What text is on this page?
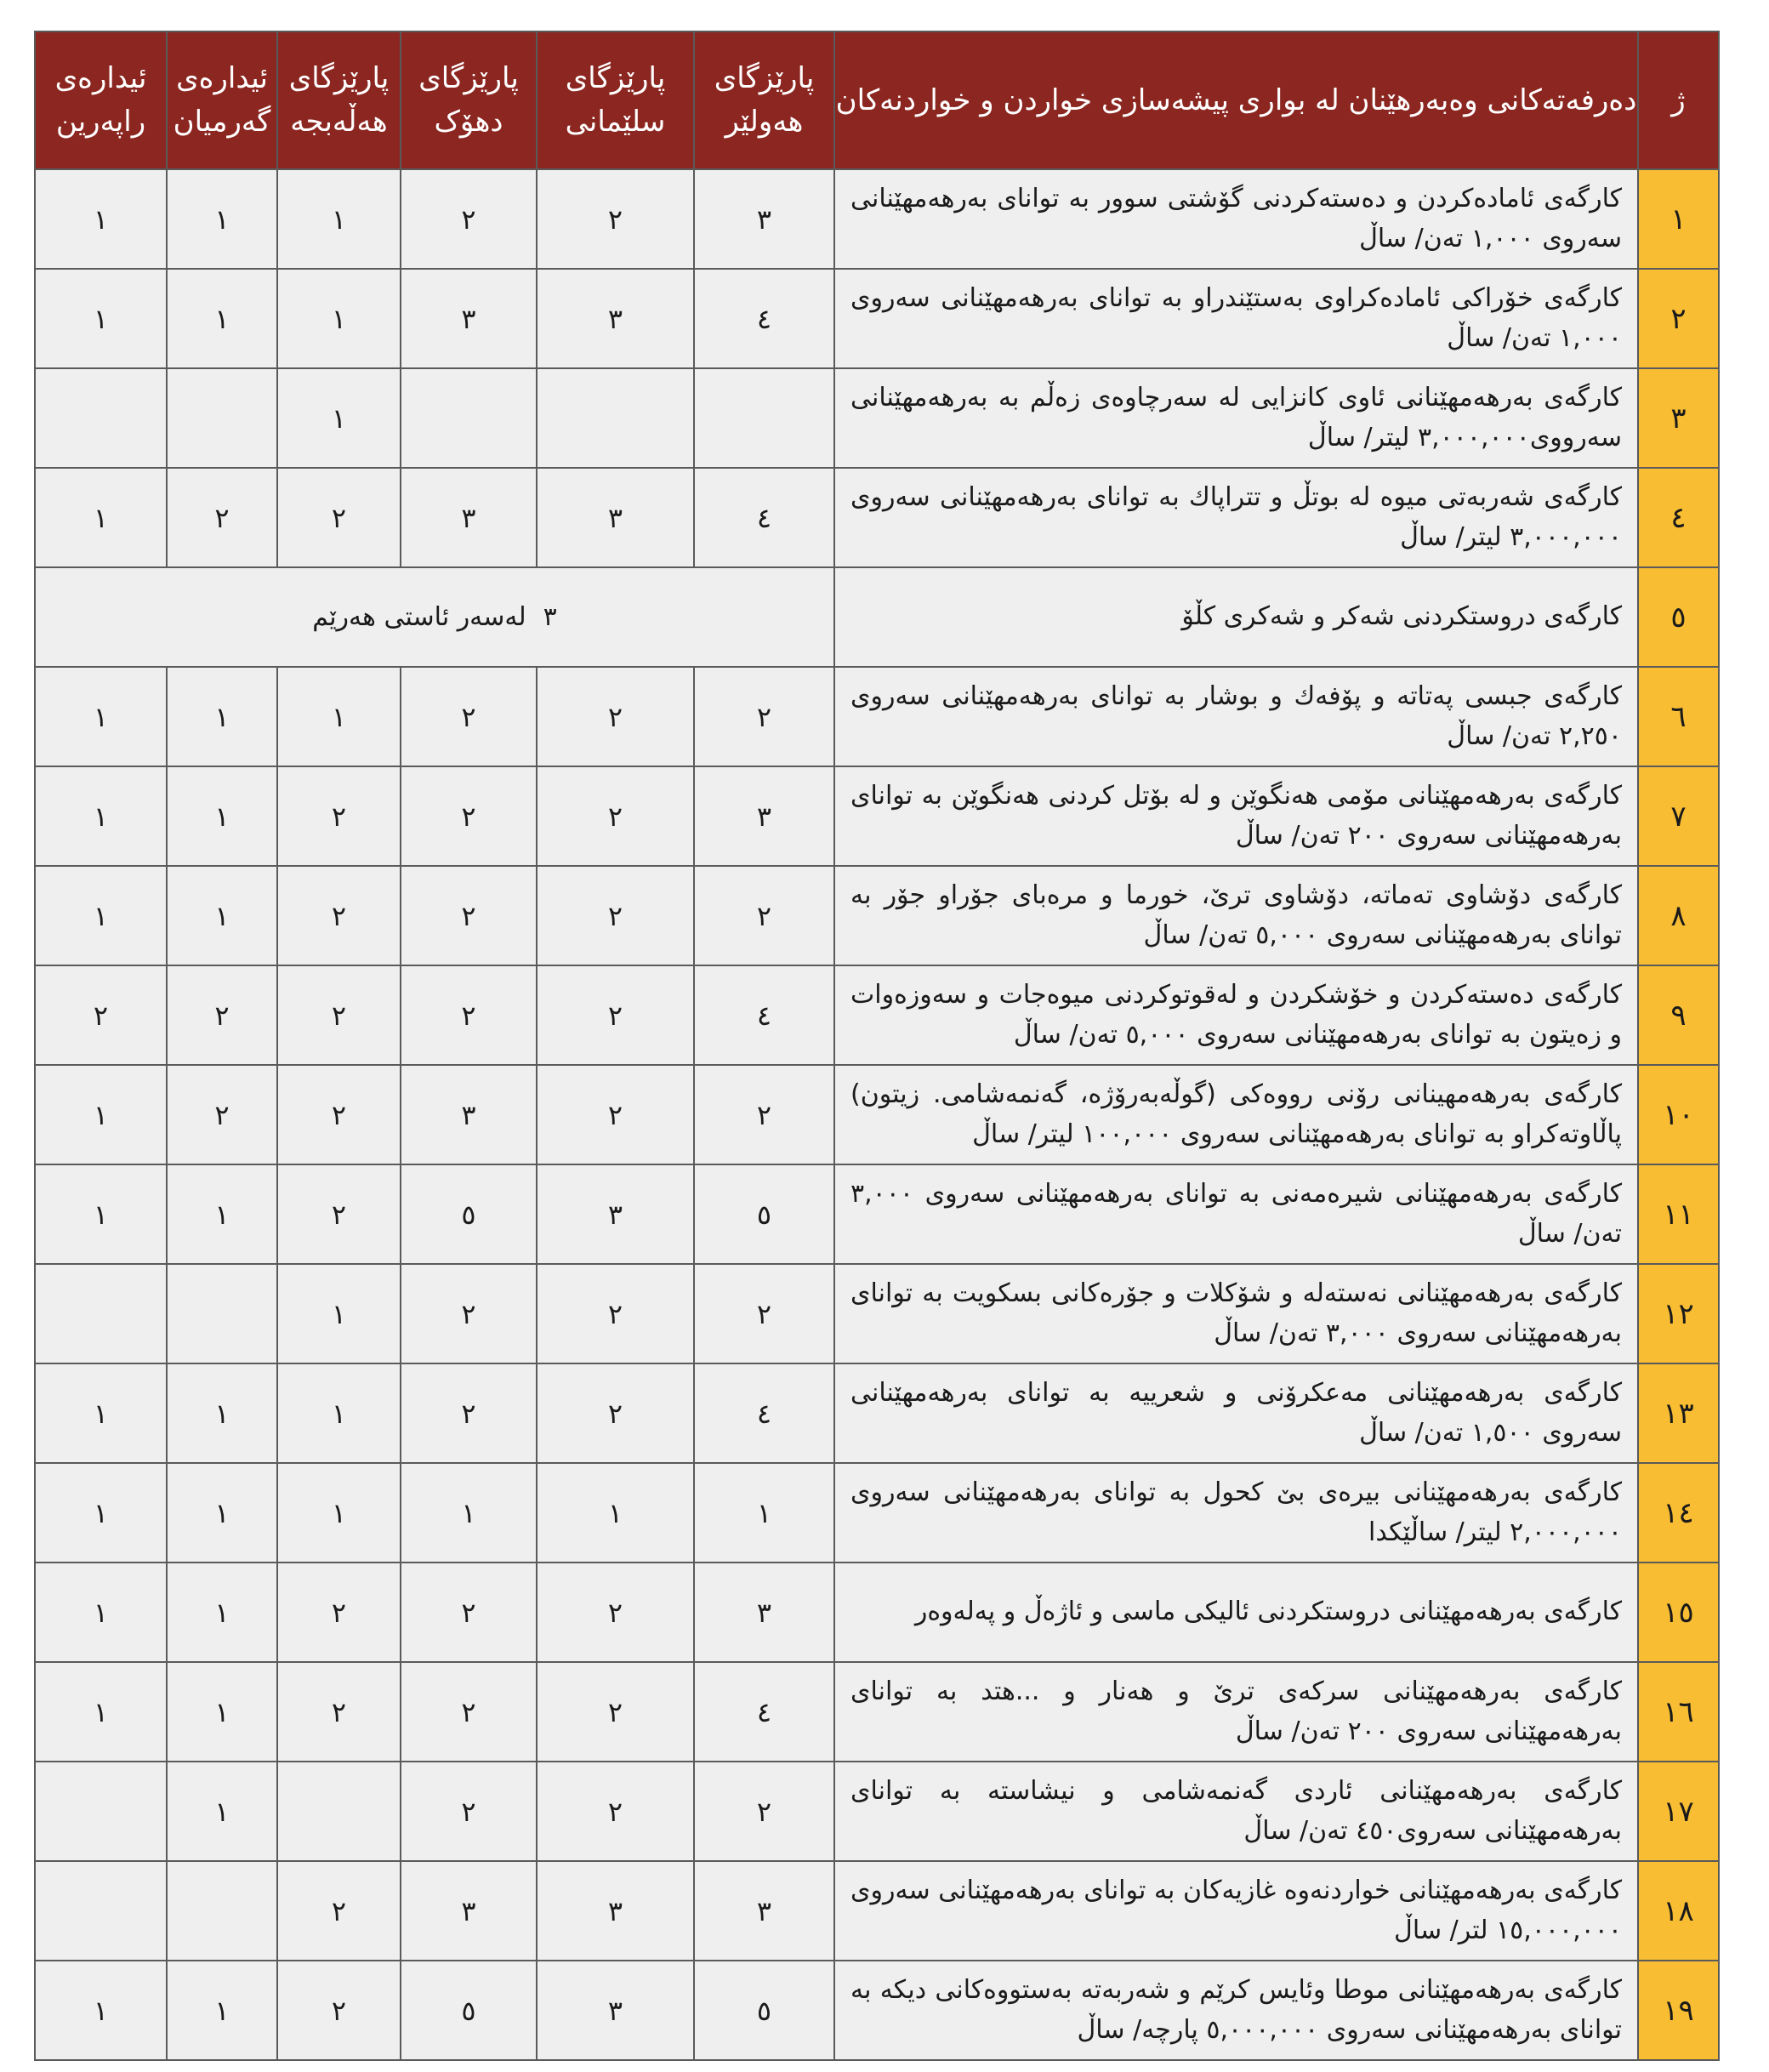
ژ	دەرفەتەکانی وەبەرهێنان لە بواری پیشەسازی خواردن و خواردنەکان	پارێزگای هەولێر	پارێزگای سلێمانی	پارێزگای دهۆک	پارێزگای هەڵەبجە	ئیدارەی گەرمیان	ئیدارەی راپەرین
١	کارگەی ئامادەکردن و دەستەکردنی گۆشتی سوور بە توانای بەرهەمهێنانی سەروی ١,٠٠٠ تەن/ ساڵ	٣	٢	٢	١	١	١
٢	کارگەی خۆراکی ئامادەکراوی بەستێندراو بە توانای بەرهەمهێنانی سەروی ١,٠٠٠ تەن/ ساڵ	٤	٣	٣	١	١	١
٣	کارگەی بەرهەمهێنانی ئاوی کانزایی لە سەرچاوەی زەڵم بە بەرهەمهێنانی سەرووی٣,٠٠٠,٠٠٠ لیتر/ ساڵ				١		
٤	کارگەی شەربەتی میوە لە بوتڵ و تتراپاك بە توانای بەرهەمهێنانی سەروی ٣,٠٠٠,٠٠٠ لیتر/ ساڵ	٤	٣	٣	٢	٢	١
٥	کارگەی دروستکردنی شەکر و شەکری کڵۆ	٣لەسەر ئاستی هەرێم					
٦	کارگەی جبسی پەتاتە و پۆفەك و بوشار بە توانای بەرهەمهێنانی سەروی ٢,٢٥٠ تەن/ ساڵ	٢	٢	٢	١	١	١
٧	کارگەی بەرهەمهێنانی مۆمی هەنگوێن و لە بۆتل کردنی هەنگوێن بە توانای بەرهەمهێنانی سەروی ٢٠٠ تەن/ ساڵ	٣	٢	٢	٢	١	١
٨	کارگەی دۆشاوی تەماتە، دۆشاوی ترێ، خورما و مرەبای جۆراو جۆر بە توانای بەرهەمهێنانی سەروی ٥,٠٠٠ تەن/ ساڵ	٢	٢	٢	٢	١	١
٩	کارگەی دەستەکردن و خۆشکردن و لەقوتوکردنی میوەجات و سەوزەوات و زەیتون بە توانای بەرهەمهێنانی سەروی ٥,٠٠٠ تەن/ ساڵ	٤	٢	٢	٢	٢	٢
١٠	کارگەی بەرهەمهینانی رۆنی رووەکی (گوڵەبەرۆژە، گەنمەشامی. زیتون) پاڵاوتەکراو بە توانای بەرهەمهێنانی سەروی ١٠٠,٠٠٠ لیتر/ ساڵ	٢	٢	٣	٢	٢	١
١١	کارگەی بەرهەمهێنانی شیرەمەنی بە توانای بەرهەمهێنانی سەروی ٣,٠٠٠ تەن/ ساڵ	٥	٣	٥	٢	١	١
١٢	کارگەی بەرهەمهێنانی نەستەلە و شۆکلات و جۆرەکانی بسکویت بە توانای بەرهەمهێنانی سەروی ٣,٠٠٠ تەن/ ساڵ	٢	٢	٢	١		
١٣	کارگەی بەرهەمهێنانی مەعکرۆنی و شعرییە بە توانای بەرهەمهێنانی سەروی ١,٥٠٠ تەن/ ساڵ	٤	٢	٢	١	١	١
١٤	کارگەی بەرهەمهێنانی بیرەی بێ کحول بە توانای بەرهەمهێنانی سەروی ٢,٠٠٠,٠٠٠ لیتر/ ساڵێکدا	١	١	١	١	١	١
١٥	کارگەی بەرهەمهێنانی دروستکردنی ئالیکی ماسی و ئاژەڵ و پەلەوەر	٣	٢	٢	٢	١	١
١٦	کارگەی بەرهەمهێنانی سرکەی ترێ و هەنار و ...هتد بە توانای بەرهەمهێنانی سەروی ٢٠٠ تەن/ ساڵ	٤	٢	٢	٢	١	١
١٧	کارگەی بەرهەمهێنانی ئاردی گەنمەشامی و نیشاستە بە توانای بەرهەمهێنانی سەروی٤٥٠ تەن/ ساڵ	٢	٢	٢		١	
١٨	کارگەی بەرهەمهێنانی خواردنەوە غازیەکان بە توانای بەرهەمهێنانی سەروی ١٥,٠٠٠,٠٠٠ لتر/ ساڵ	٣	٣	٣	٢		
١٩	کارگەی بەرهەمهێنانی موطا وئایس کرێم و شەربەتە بەستووەکانی دیکە بە توانای بەرهەمهێنانی سەروی ٥,٠٠٠,٠٠٠ پارچە/ ساڵ	٥	٣	٥	٢	١	١
